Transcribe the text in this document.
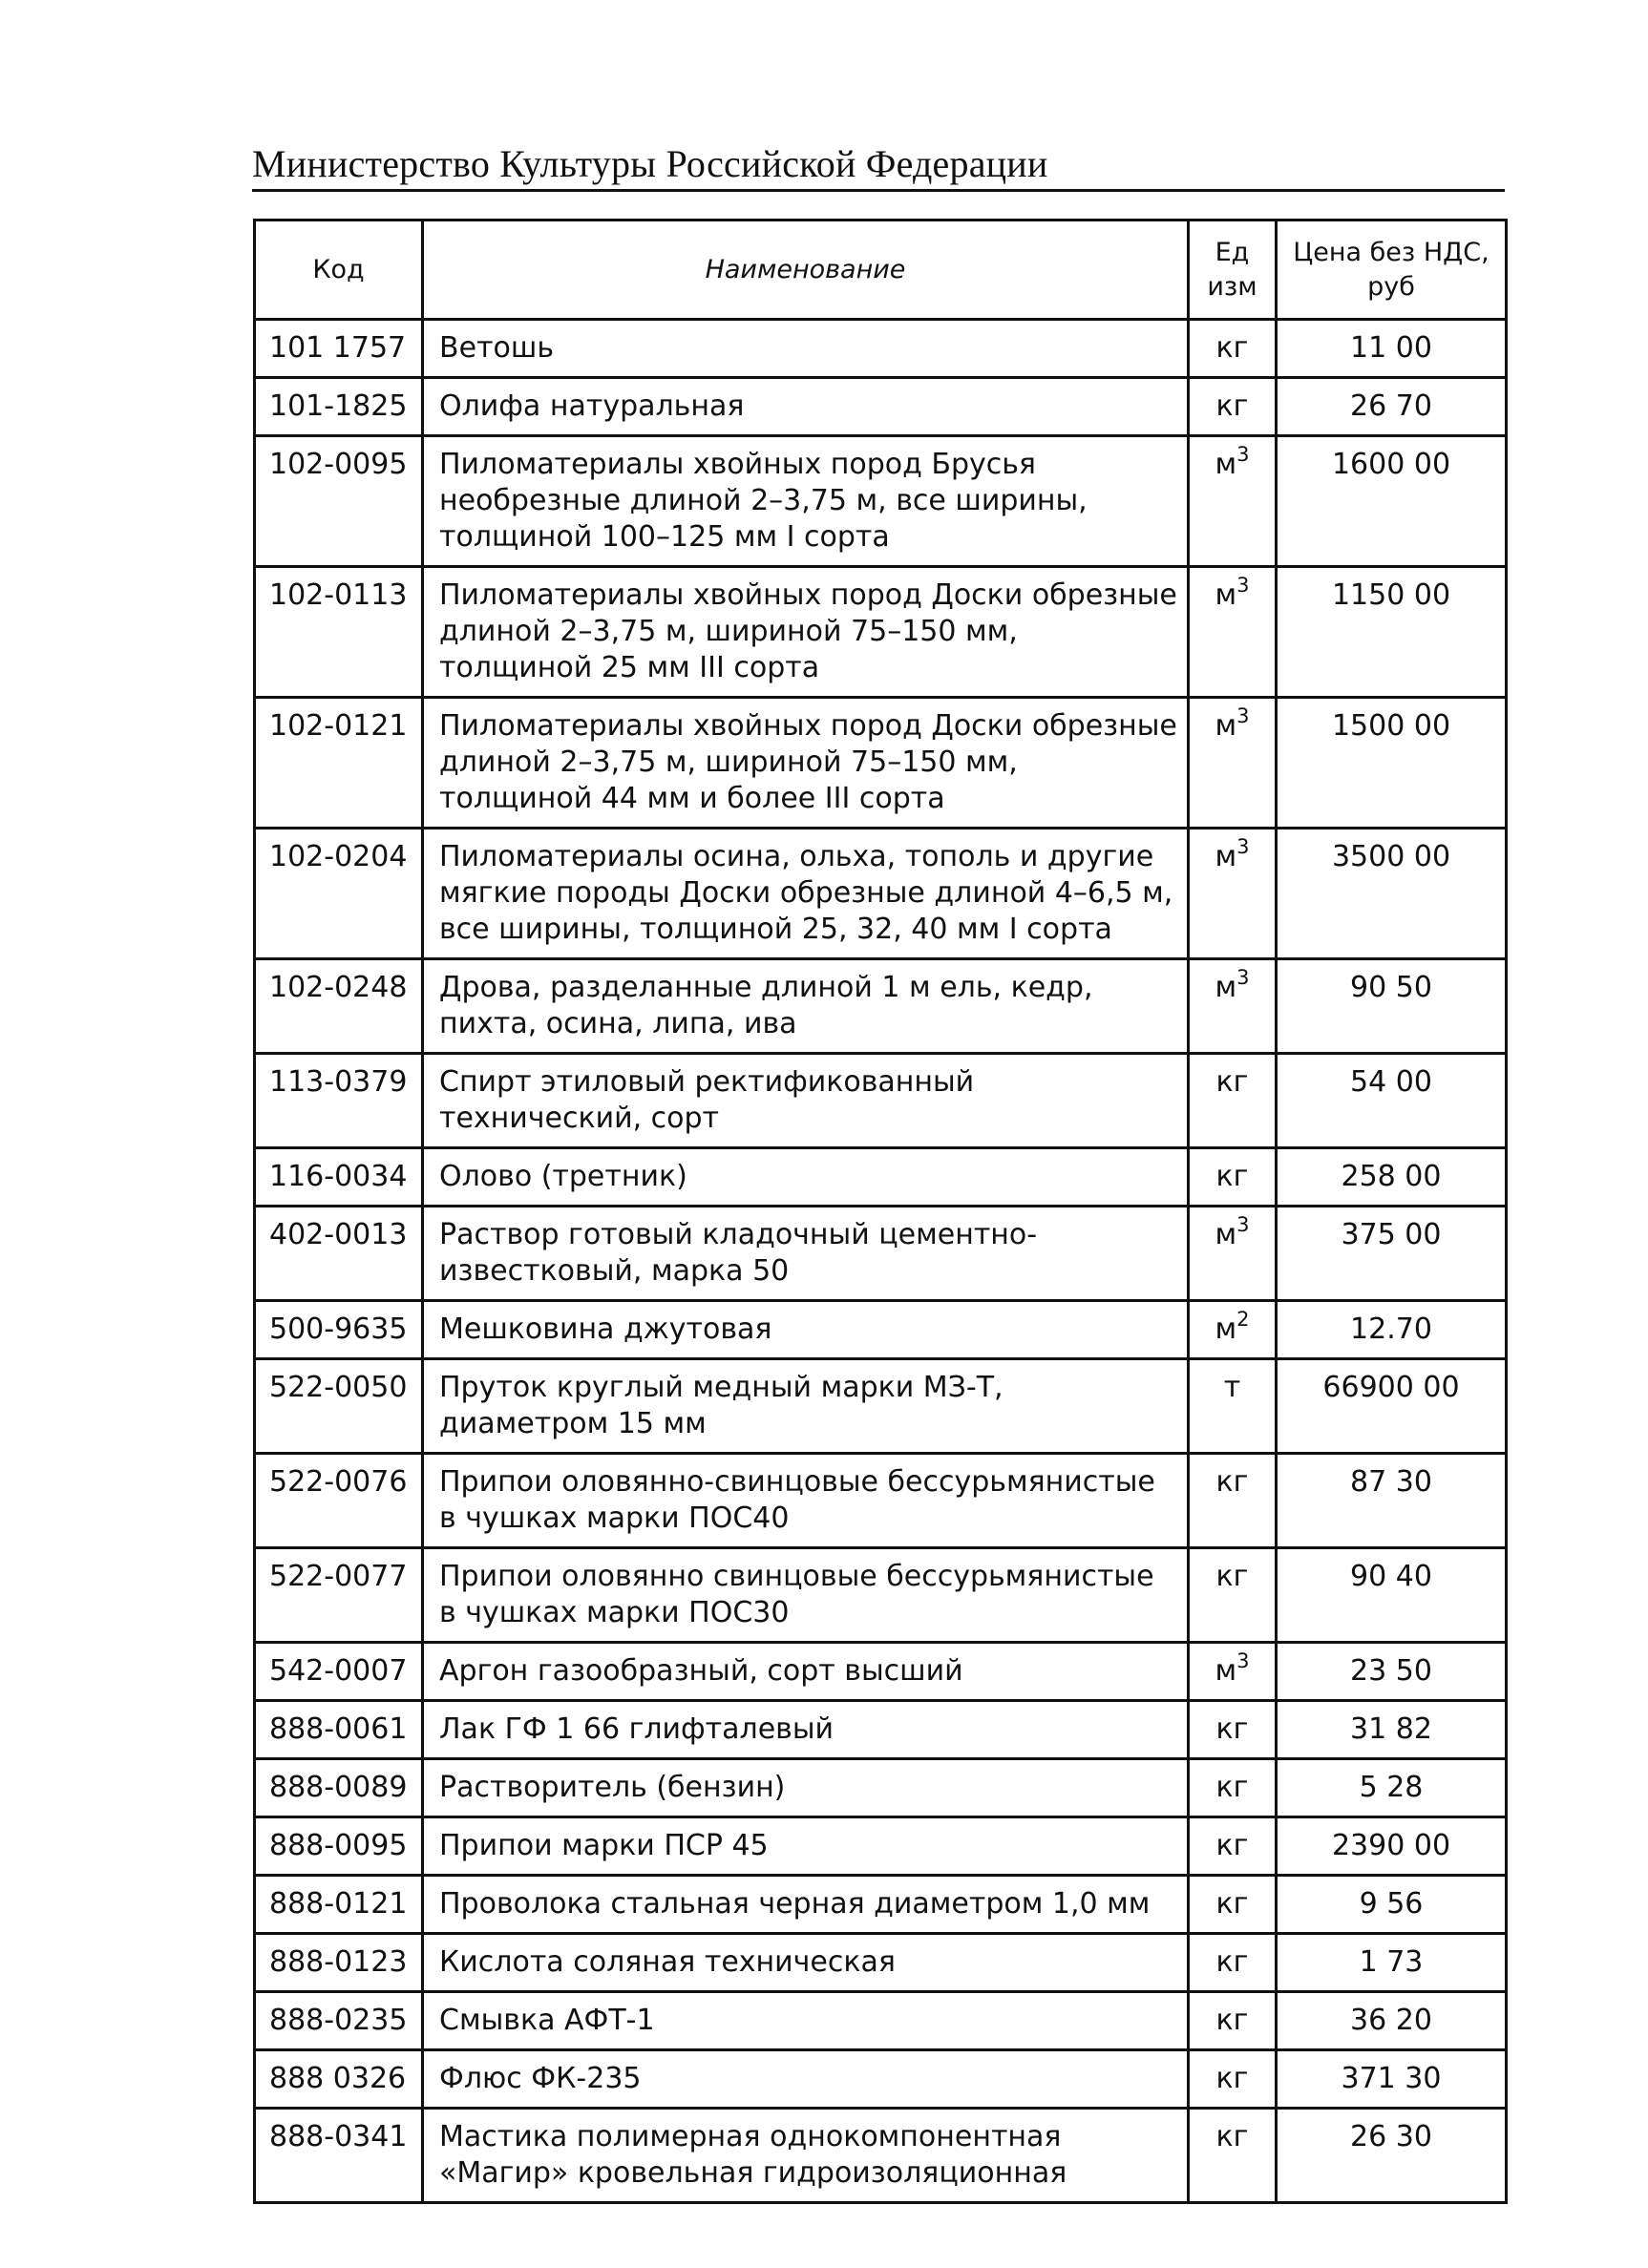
Министерство Культуры Российской Федерации
Код	Наименование	Ед изм	Цена без НДС, руб
101 1757	Ветошь	кг	11 00
101-1825	Олифа натуральная	кг	26 70
102-0095	Пиломатериалы хвойных пород Брусья необрезные длиной 2–3,75 м, все ширины, толщиной 100–125 мм I сорта	$м^3$	1600 00
102-0113	Пиломатериалы хвойных пород Доски обрезные длиной 2–3,75 м, шириной 75–150 мм, толщиной 25 мм III сорта	$м^3$	1150 00
102-0121	Пиломатериалы хвойных пород Доски обрезные длиной 2–3,75 м, шириной 75–150 мм, толщиной 44 мм и более III сорта	$м^3$	1500 00
102-0204	Пиломатериалы осина, ольха, тополь и другие мягкие породы Доски обрезные длиной 4–6,5 м, все ширины, толщиной 25, 32, 40 мм I сорта	$м^3$	3500 00
102-0248	Дрова, разделанные длиной 1 м ель, кедр, пихта, осина, липа, ива	$м^3$	90 50
113-0379	Спирт этиловый ректификованный технический, сорт	кг	54 00
116-0034	Олово (третник)	кг	258 00
402-0013	Раствор готовый кладочный цементно-известковый, марка 50	$м^3$	375 00
500-9635	Мешковина джутовая	$м^2$	12.70
522-0050	Пруток круглый медный марки МЗ-Т, диаметром 15 мм	т	66900 00
522-0076	Припои оловянно-свинцовые бессурьмянистые в чушках марки ПОС40	кг	87 30
522-0077	Припои оловянно свинцовые бессурьмянистые в чушках марки ПОС30	кг	90 40
542-0007	Аргон газообразный, сорт высший	$м^3$	23 50
888-0061	Лак ГФ 1 66 глифталевый	кг	31 82
888-0089	Растворитель (бензин)	кг	5 28
888-0095	Припои марки ПСР 45	кг	2390 00
888-0121	Проволока стальная черная диаметром 1,0 мм	кг	9 56
888-0123	Кислота соляная техническая	кг	1 73
888-0235	Смывка АФТ-1	кг	36 20
888 0326	Флюс ФК-235	кг	371 30
888-0341	Мастика полимерная однокомпонентная «Магир» кровельная гидроизоляционная	кг	26 30
